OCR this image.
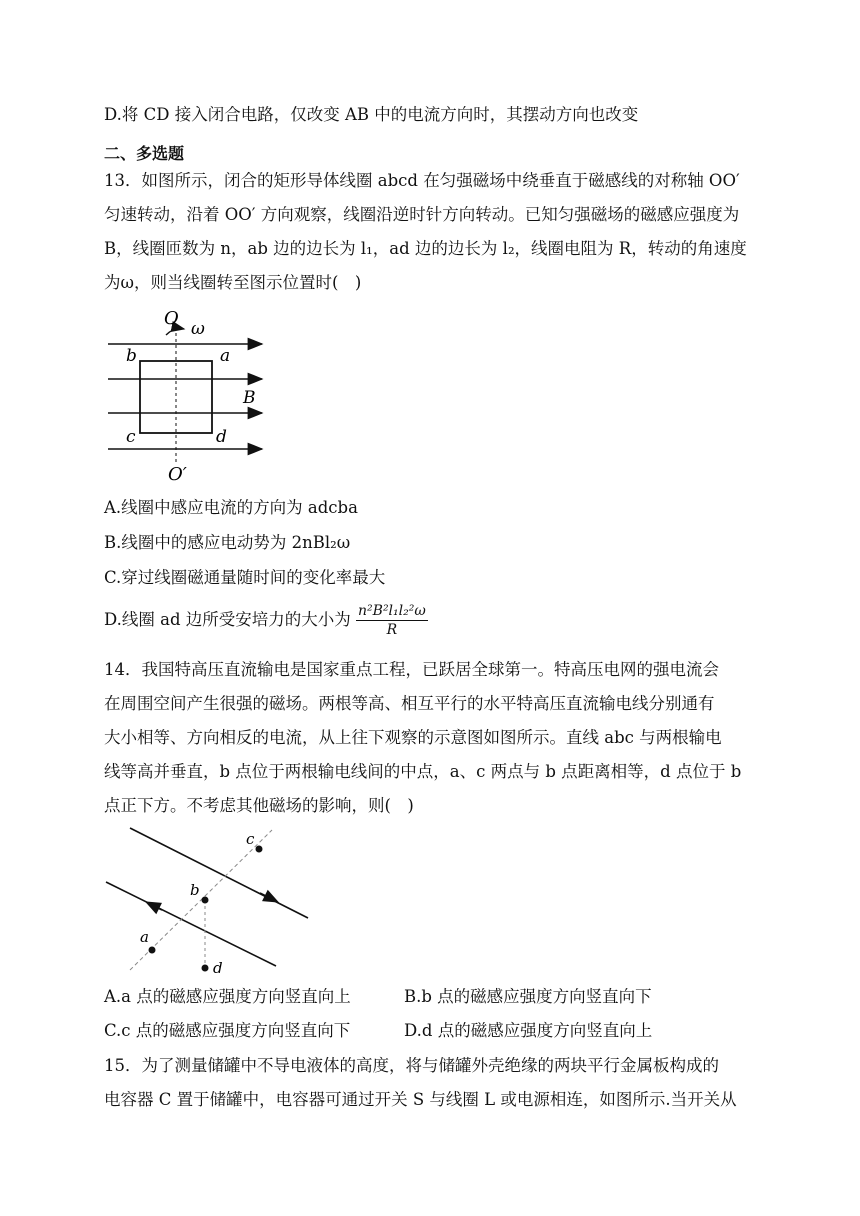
D.将 CD 接入闭合电路，仅改变 AB 中的电流方向时，其摆动方向也改变
二、多选题
13．如图所示，闭合的矩形导体线圈 abcd 在匀强磁场中绕垂直于磁感线的对称轴 OO′
匀速转动，沿着 OO′ 方向观察，线圈沿逆时针方向转动。已知匀强磁场的磁感应强度为
B，线圈匝数为 n，ab 边的边长为 l₁，ad 边的边长为 l₂，线圈电阻为 R，转动的角速度
为ω，则当线圈转至图示位置时(　)
O ω
b	a
B
c	d
O′
A.线圈中感应电流的方向为 adcba
B.线圈中的感应电动势为 2nBl₂ω
C.穿过线圈磁通量随时间的变化率最大
D.线圈 ad 边所受安培力的大小为 $\frac{\text{n²B²l₁l₂²ω}}{R}$
14．我国特高压直流输电是国家重点工程，已跃居全球第一。特高压电网的强电流会
在周围空间产生很强的磁场。两根等高、相互平行的水平特高压直流输电线分别通有
大小相等、方向相反的电流，从上往下观察的示意图如图所示。直线 abc 与两根输电
线等高并垂直，b 点位于两根输电线间的中点，a、c 两点与 b 点距离相等，d 点位于 b
点正下方。不考虑其他磁场的影响，则(　)
a
b
c
d
A.a 点的磁感应强度方向竖直向上	B.b 点的磁感应强度方向竖直向下
C.c 点的磁感应强度方向竖直向下	D.d 点的磁感应强度方向竖直向上
15．为了测量储罐中不导电液体的高度，将与储罐外壳绝缘的两块平行金属板构成的
电容器 C 置于储罐中，电容器可通过开关 S 与线圈 L 或电源相连，如图所示.当开关从
